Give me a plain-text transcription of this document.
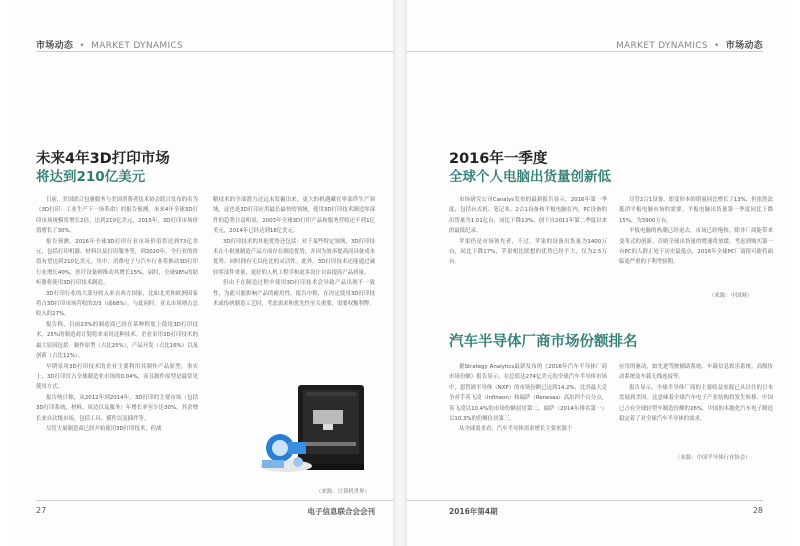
市场动态 • MARKET DYNAMICS
未来4年3D打印市场
将达到210亿美元

日前，美国联合包裹服务与美国消费者技术协会联合发布的名为《3D打印：工业生产下一场革命》的报告预测，未来4年全球3D打印市场规模将增长2倍，达到210亿美元，2015年，3D打印市场价值增长了30%。

报告预测，2016年全球3D打印行业市场价值将达到73亿美元，包括打印机器、材料以及打印服务等，到2020年，全行业的价值有望达到210亿美元。其中，消费电子与汽车行业将推动3D打印行业增长40%，医疗设备则推动其增长15%。届时，全球98%的助听器将使用3D打印技术制造。

3D打印行业的大部分收入来自西方国家，比如北美和欧洲国家将占3D打印市场营收的2/3（或68%），与此同时，亚太市场则占总收入的27%。

报告称，目前23%的制造商已经在某种程度上使用3D打印技术，25%的制造商计划将来采用这种技术。企业采用3D打印技术的最大原因包括：制作原型（占比25%），产品开发（占比16%）以及创新（占比11%）。

早期采用3D打印技术的企业主要利用其制作产品原型，事实上，3D打印仅占全球制造业市场的0.04%，而且制作原型是最常见使用方式。

报告统计称，从2012年到2014年，3D打印的主要市场（包括3D打印系统、材料、周边以及服务）年增长率至少达30%，其余增长来自次级市场，包括工具、模件以及插件等。

尽管大量制造商已经开始使用3D打印技术，但战

略技术的全部潜力还远未发掘出来。更大的机遇藏在零部件生产领域，这也是3D打印应用最长最快的领域。使用3D打印技术制造零部件的趋势日益明显，2003年全球3D打印产品和服务营收还不到1亿美元，2014年已经达到18亿美元。

3D打印技术的其他优势还包括：对于某些特定领域，3D打印技术在小批量制造产品方面存在制造优势，并因为效率提高而具备成本优势。同时拥有无以伦比的灵活性。此外，3D打印技术还能通过减轻零部件重量，更好的人机工程学和更多设计自由提高产品质量。

但由于在制造过程中使用3D打印技术会导致产品出现不一致性，为此可能影响产品的耐用性。报告中称，在决定使用3D打印技术或传统制造工艺时，考虑需求和优先性至关重要，需要权衡利弊。

（来源：计算机世界）
27	电子信息联合会会刊
MARKET DYNAMICS • 市场动态
2016年一季度
全球个人电脑出货量创新低

市场研究公司Canalys发布的最新报告显示，2016年第一季度，包括台式机、笔记本、2合1设备和平板电脑在内，PC设备的出货量为1.01亿台，同比下降13%，创下自2011年第二季度以来的最低纪录。

苹果仍是市场领先者，不过，苹果的设备出货量为1400万台，同比下降17%，苹果相比联想的优势已经不大，仅为2.5万台。

尽管2合1设备，即变形本的销量同比增长了13%，但依然法抵消平板电脑市场的需要。平板电脑出货量第一季度同比下降15%，为3900万台。

平板电脑的热潮已经退去，市场已经饱和。除非厂商能带来变革式的创新，否则全球出货量的增速将放缓。考虑到购买第一台PC的人群正处于历史最低点，2016年全球PC厂商很可能将面临更严重的下利考验期。

（来源：中国网）
汽车半导体厂商市场份额排名

据Strategy Analytics最新发布的《2016年汽车半导体厂商市场份额》报告显示，在总值达274亿美元的全球汽车半导体市场中，恩智浦半导体（NXP）的市场份额已达到14.2%，比其最大竞争对手英飞凌（Infineon）和瑞萨（Renesas）高出四个百分点，英飞凌以10.4%的市场份额屈居第二，瑞萨（2014年排名第一）以10.3%的份额位居第三。

从全球需求看，汽车半导体需求增长主要来源于

应用的驱动，如先进驾驶辅助系统、车载信息娱乐系统、高级传动系统及车载无线连接等。

报告显示，全球半导体厂商的主要收益来源已从以往的日本发展到美国。这意味着全球汽车电子产业结构将发生转移。中国已占有全球轻型车制造份额的26%，中国的本地化汽车电子制造稳定着了对全球汽车半导体的需求。

（来源：中国半导体行业协会）
2016年第4期	28
